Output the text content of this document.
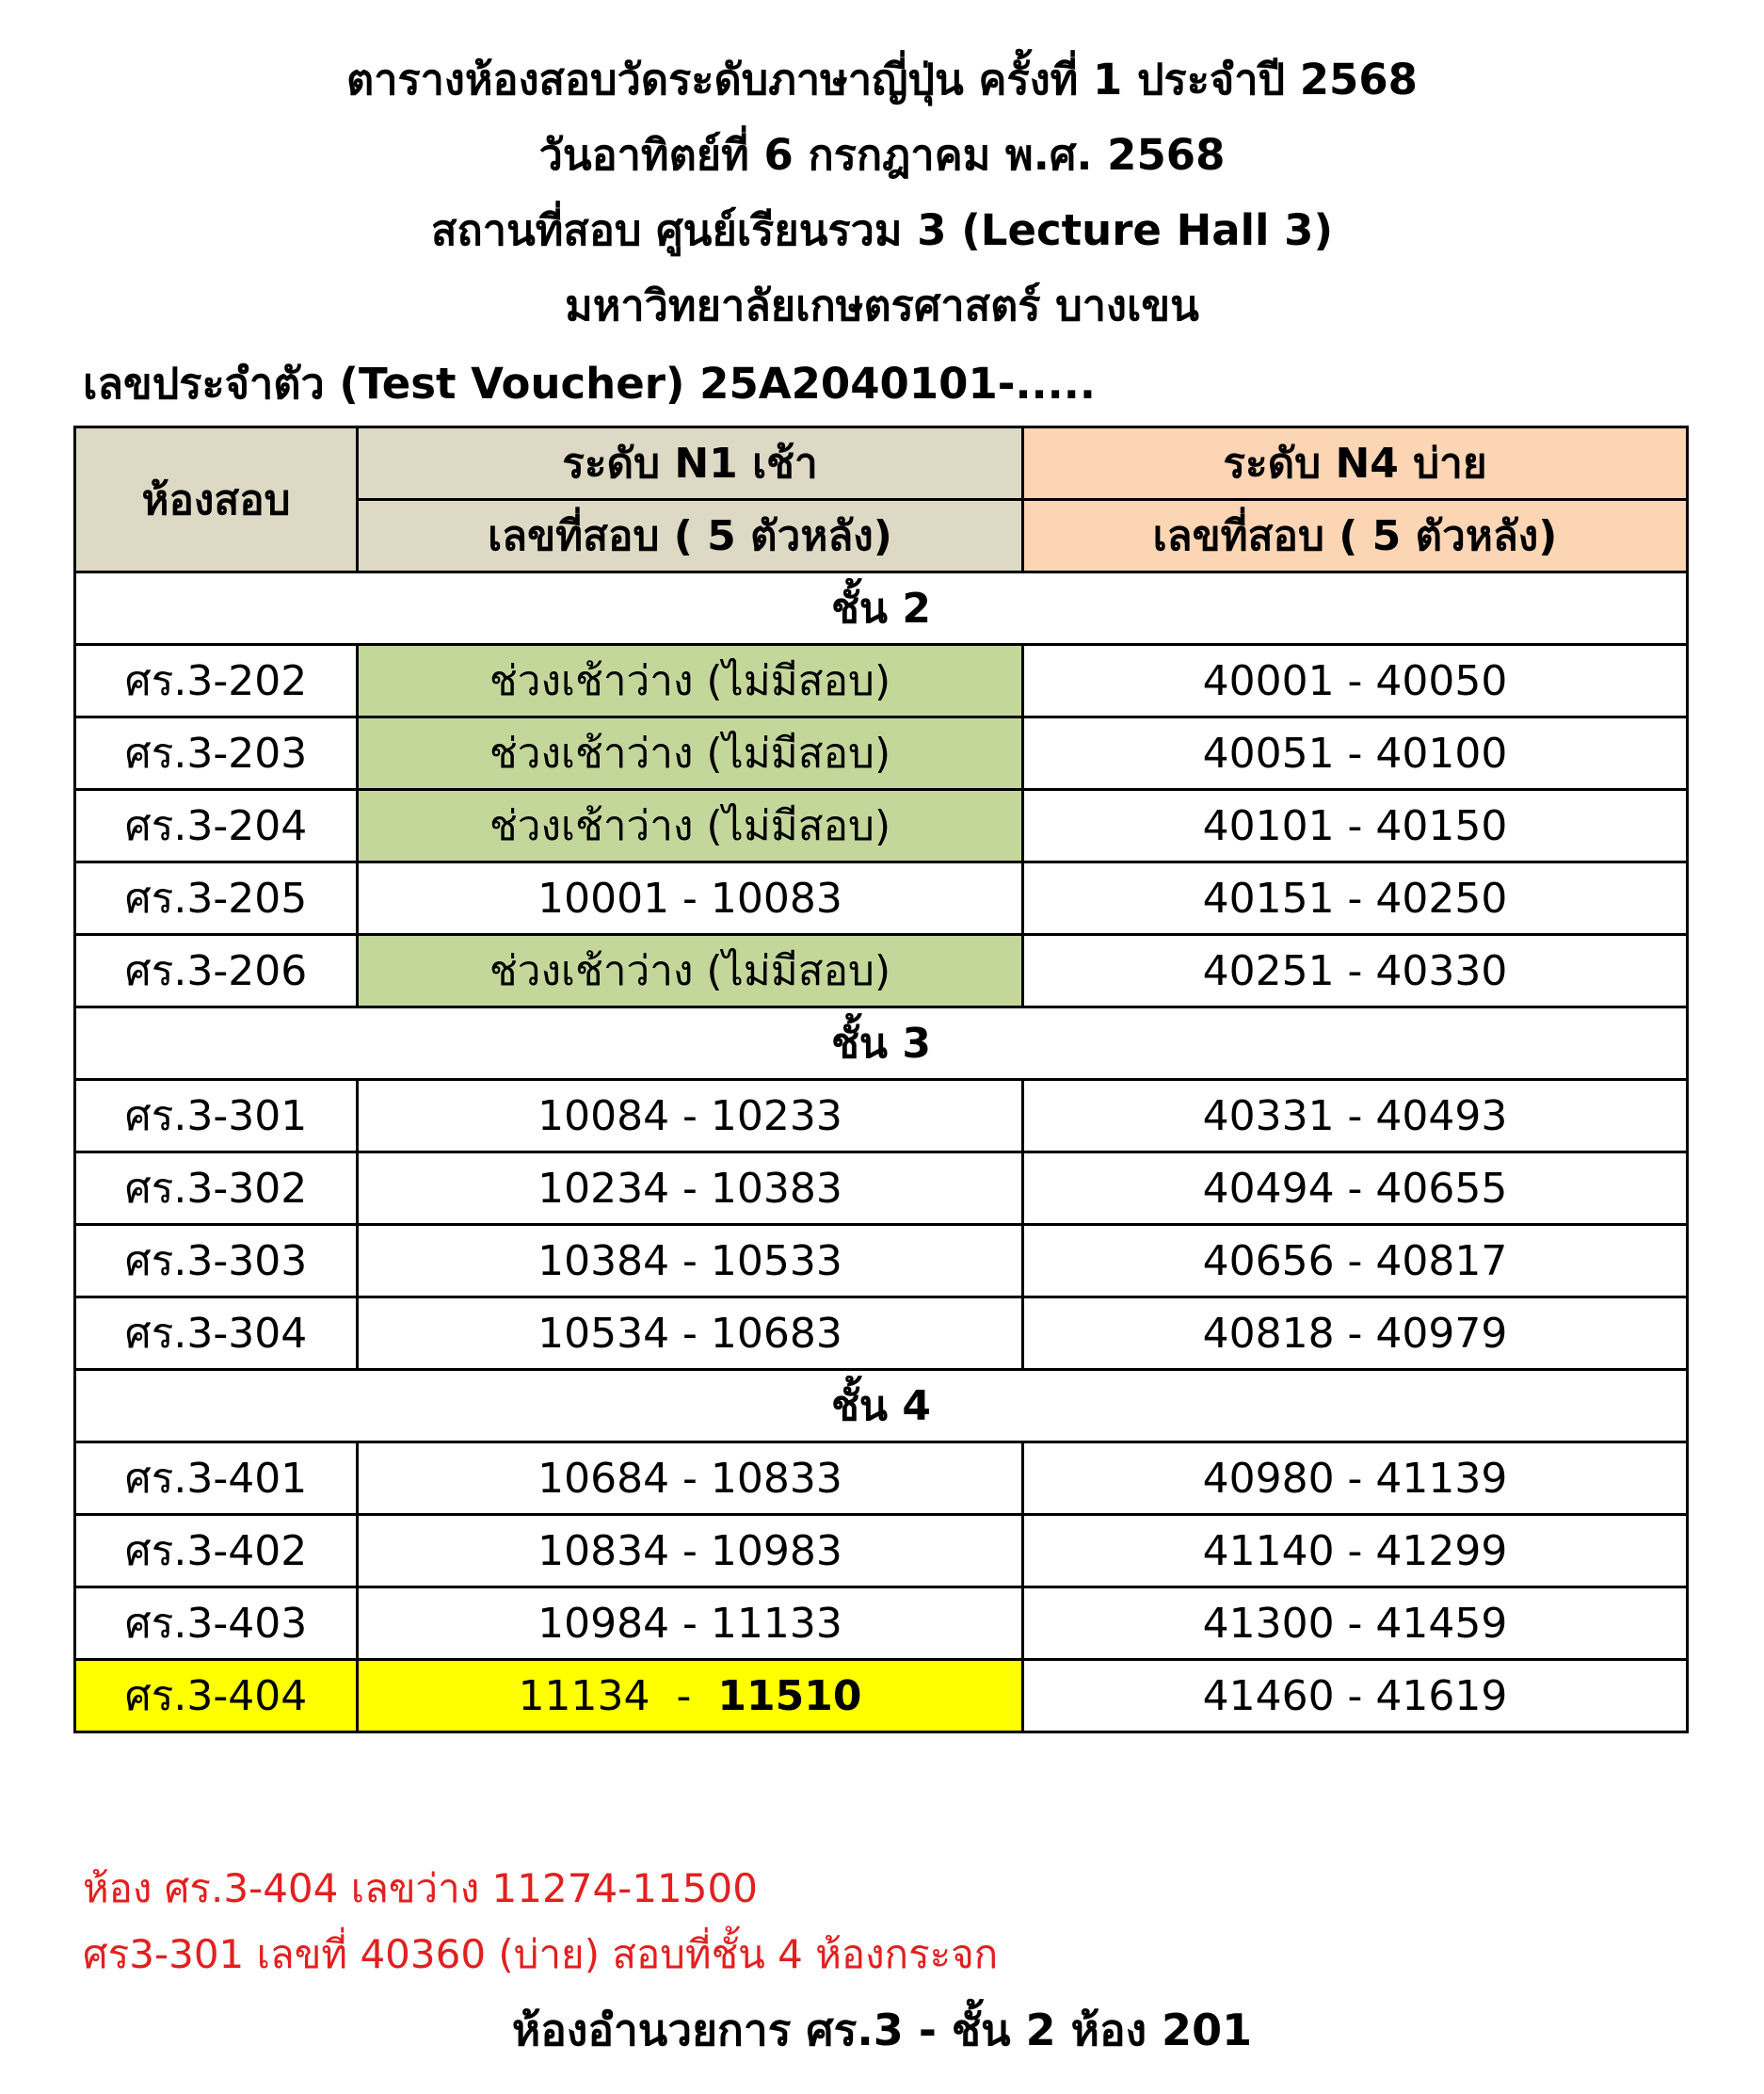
ตารางห้องสอบวัดระดับภาษาญี่ปุ่น ครั้งที่ 1 ประจำปี 2568
วันอาทิตย์ที่ 6 กรกฎาคม พ.ศ. 2568
สถานที่สอบ ศูนย์เรียนรวม 3 (Lecture Hall 3)
มหาวิทยาลัยเกษตรศาสตร์ บางเขน
เลขประจำตัว (Test Voucher) 25A2040101-.....
ห้องสอบ	ระดับ N1 เช้า	ระดับ N4 บ่าย
	เลขที่สอบ ( 5 ตัวหลัง)	เลขที่สอบ ( 5 ตัวหลัง)
ชั้น 2		
ศร.3-202	ช่วงเช้าว่าง (ไม่มีสอบ)	40001 - 40050
ศร.3-203	ช่วงเช้าว่าง (ไม่มีสอบ)	40051 - 40100
ศร.3-204	ช่วงเช้าว่าง (ไม่มีสอบ)	40101 - 40150
ศร.3-205	10001 - 10083	40151 - 40250
ศร.3-206	ช่วงเช้าว่าง (ไม่มีสอบ)	40251 - 40330
ชั้น 3		
ศร.3-301	10084 - 10233	40331 - 40493
ศร.3-302	10234 - 10383	40494 - 40655
ศร.3-303	10384 - 10533	40656 - 40817
ศร.3-304	10534 - 10683	40818 - 40979
ชั้น 4		
ศร.3-401	10684 - 10833	40980 - 41139
ศร.3-402	10834 - 10983	41140 - 41299
ศร.3-403	10984 - 11133	41300 - 41459
ศร.3-404	11134  -  11510	41460 - 41619
ห้อง ศร.3-404 เลขว่าง 11274-11500
ศร3-301 เลขที่ 40360 (บ่าย) สอบที่ชั้น 4 ห้องกระจก
ห้องอำนวยการ ศร.3 - ชั้น 2 ห้อง 201
